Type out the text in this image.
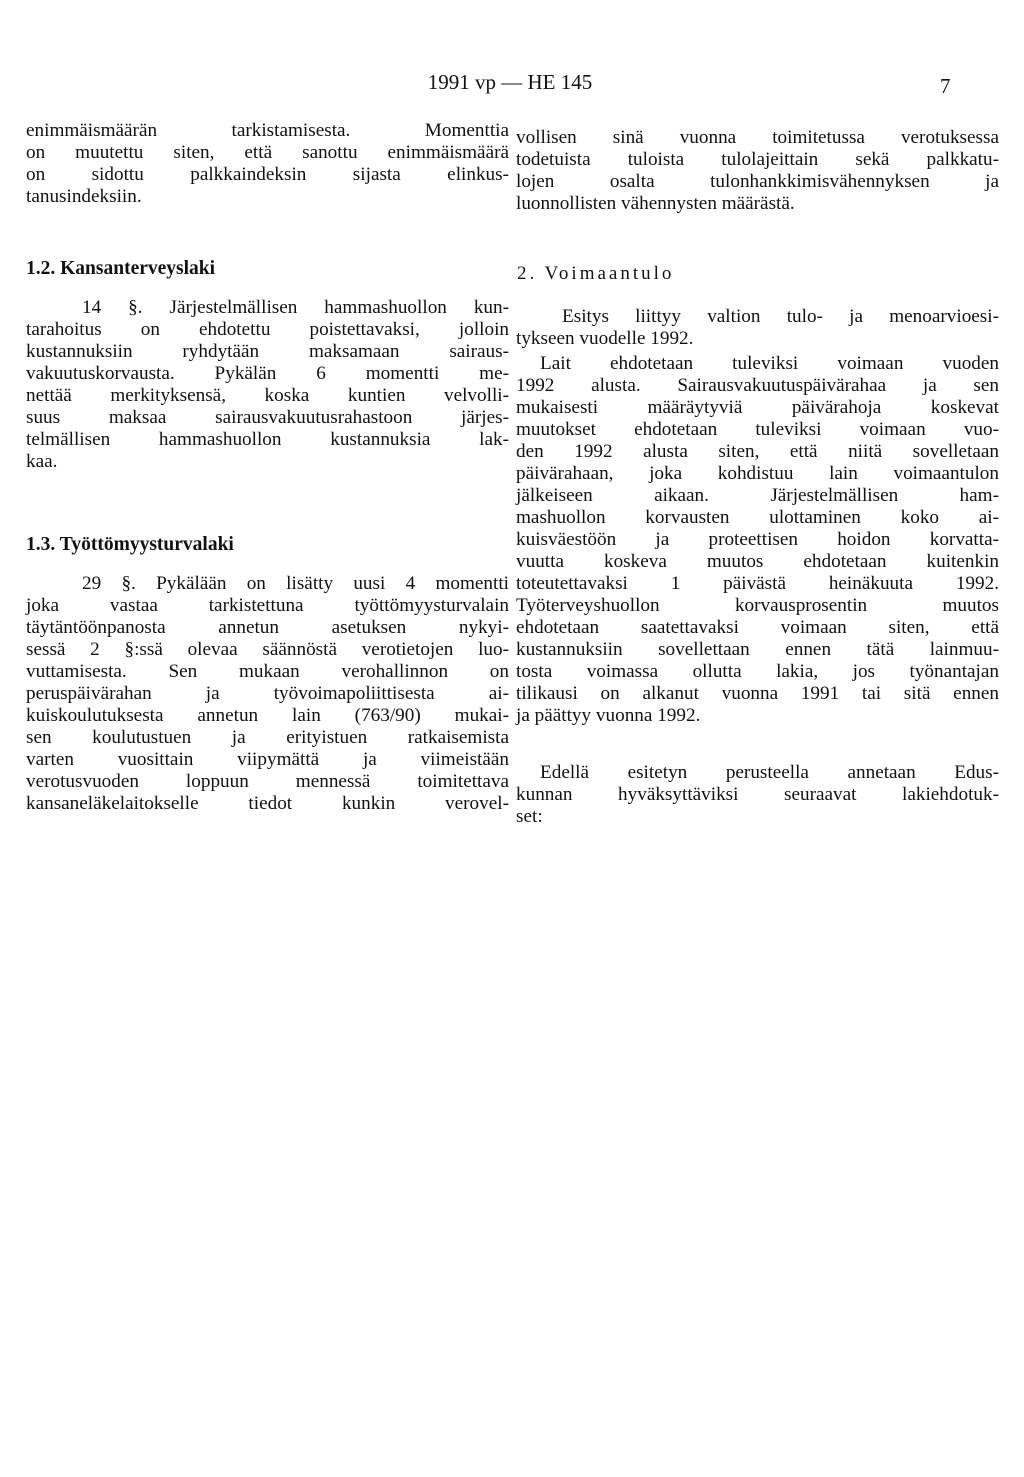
1991 vp — HE 145	7

enimmäismäärän tarkistamisesta. Momenttia
on muutettu siten, että sanottu enimmäismäärä
on sidottu palkkaindeksin sijasta elinkus-
tanusindeksiin.

1.2. Kansanterveyslaki

14 §. Järjestelmällisen hammashuollon kun-
tarahoitus on ehdotettu poistettavaksi, jolloin
kustannuksiin ryhdytään maksamaan sairaus-
vakuutuskorvausta. Pykälän 6 momentti me-
nettää merkityksensä, koska kuntien velvolli-
suus maksaa sairausvakuutusrahastoon järjes-
telmällisen hammashuollon kustannuksia lak-
kaa.

1.3. Työttömyysturvalaki

29 §. Pykälään on lisätty uusi 4 momentti
joka vastaa tarkistettuna työttömyysturvalain
täytäntöönpanosta annetun asetuksen nykyi-
sessä 2 §:ssä olevaa säännöstä verotietojen luo-
vuttamisesta. Sen mukaan verohallinnon on
peruspäivärahan ja työvoimapoliittisesta ai-
kuiskoulutuksesta annetun lain (763/90) mukai-
sen koulutustuen ja erityistuen ratkaisemista
varten vuosittain viipymättä ja viimeistään
verotusvuoden loppuun mennessä toimitettava
kansaneläkelaitokselle tiedot kunkin verovel-

vollisen sinä vuonna toimitetussa verotuksessa
todetuista tuloista tulolajeittain sekä palkkatu-
lojen osalta tulonhankkimisvähennyksen ja
luonnollisten vähennysten määrästä.

2. Voimaantulo

Esitys liittyy valtion tulo- ja menoarvioesi-
tykseen vuodelle 1992.

Lait ehdotetaan tuleviksi voimaan vuoden
1992 alusta. Sairausvakuutuspäivärahaa ja sen
mukaisesti määräytyviä päivärahoja koskevat
muutokset ehdotetaan tuleviksi voimaan vuo-
den 1992 alusta siten, että niitä sovelletaan
päivärahaan, joka kohdistuu lain voimaantulon
jälkeiseen aikaan. Järjestelmällisen ham-
mashuollon korvausten ulottaminen koko ai-
kuisväestöön ja proteettisen hoidon korvatta-
vuutta koskeva muutos ehdotetaan kuitenkin
toteutettavaksi 1 päivästä heinäkuuta 1992.
Työterveyshuollon korvausprosentin muutos
ehdotetaan saatettavaksi voimaan siten, että
kustannuksiin sovellettaan ennen tätä lainmuu-
tosta voimassa ollutta lakia, jos työnantajan
tilikausi on alkanut vuonna 1991 tai sitä ennen
ja päättyy vuonna 1992.

Edellä esitetyn perusteella annetaan Edus-
kunnan hyväksyttäviksi seuraavat lakiehdotuk-
set:
